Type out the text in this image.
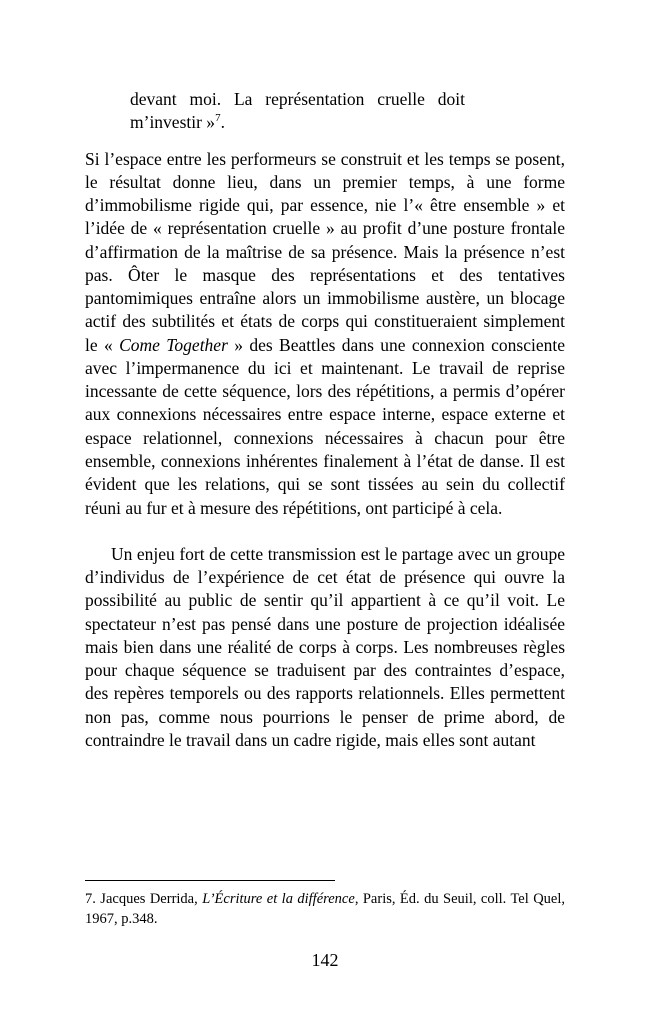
devant moi. La représentation cruelle doit m’investir »$^7$.

Si l’espace entre les performeurs se construit et les temps se posent, le résultat donne lieu, dans un premier temps, à une forme d’immobilisme rigide qui, par essence, nie l’« être ensemble » et l’idée de « représentation cruelle » au profit d’une posture frontale d’affirmation de la maîtrise de sa présence. Mais la présence n’est pas. Ôter le masque des représentations et des tentatives pantomimiques entraîne alors un immobilisme austère, un blocage actif des subtilités et états de corps qui constitueraient simplement le « Come Together » des Beattles dans une connexion consciente avec l’impermanence du ici et maintenant. Le travail de reprise incessante de cette séquence, lors des répétitions, a permis d’opérer aux connexions nécessaires entre espace interne, espace externe et espace relationnel, connexions nécessaires à chacun pour être ensemble, connexions inhérentes finalement à l’état de danse. Il est évident que les relations, qui se sont tissées au sein du collectif réuni au fur et à mesure des répétitions, ont participé à cela.

Un enjeu fort de cette transmission est le partage avec un groupe d’individus de l’expérience de cet état de présence qui ouvre la possibilité au public de sentir qu’il appartient à ce qu’il voit. Le spectateur n’est pas pensé dans une posture de projection idéalisée mais bien dans une réalité de corps à corps. Les nombreuses règles pour chaque séquence se traduisent par des contraintes d’espace, des repères temporels ou des rapports relationnels. Elles permettent non pas, comme nous pourrions le penser de prime abord, de contraindre le travail dans un cadre rigide, mais elles sont autant

7. Jacques Derrida, L’Écriture et la différence, Paris, Éd. du Seuil, coll. Tel Quel, 1967, p.348.

142
